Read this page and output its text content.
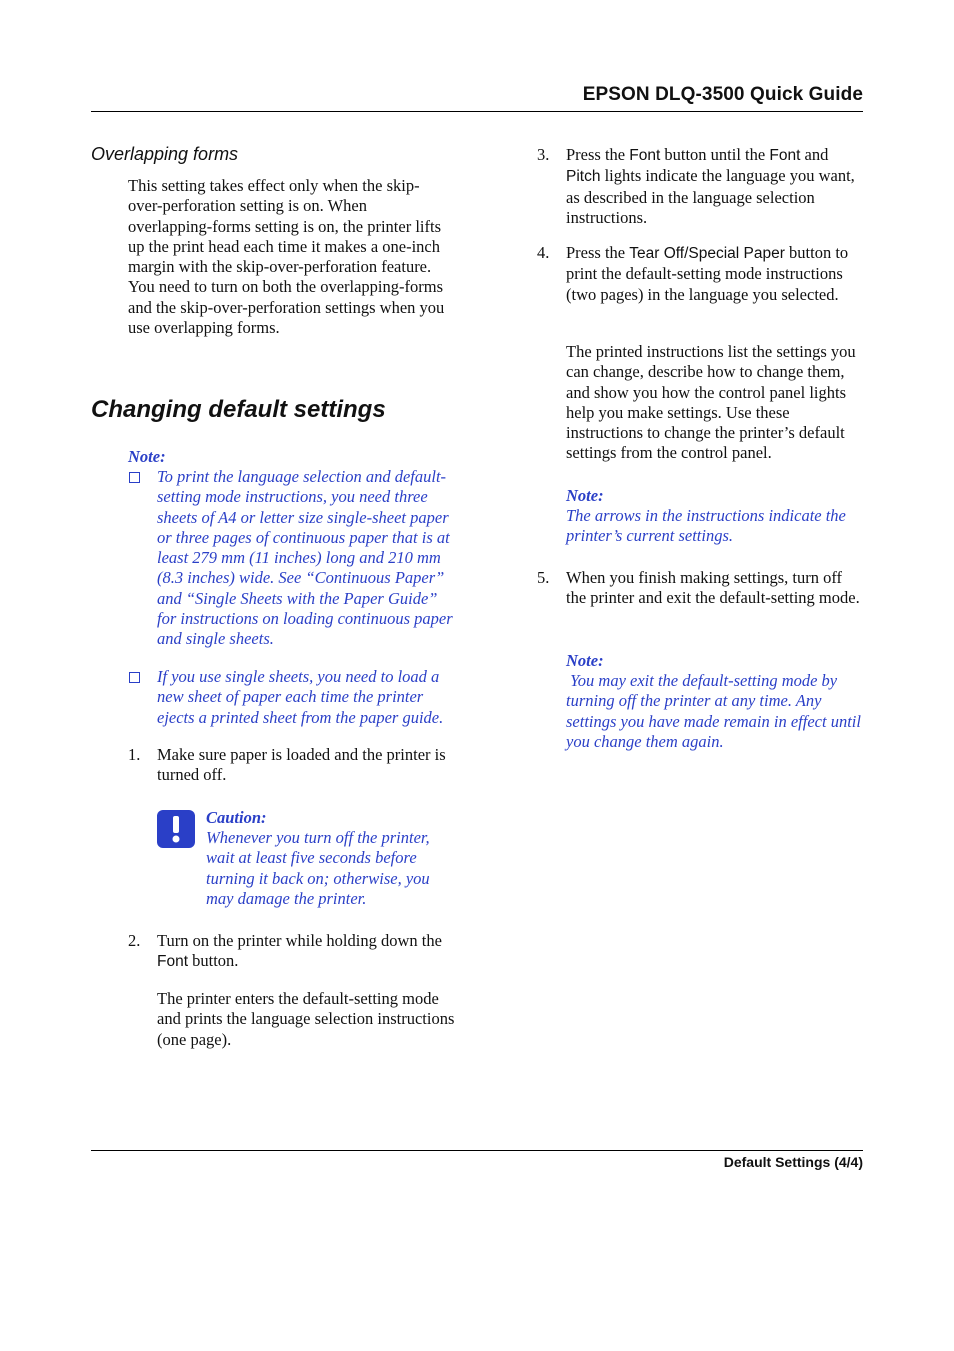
EPSON DLQ-3500 Quick Guide
Overlapping forms
This setting takes effect only when the skip-over-perforation setting is on. When overlapping-forms setting is on, the printer lifts up the print head each time it makes a one-inch margin with the skip-over-perforation feature. You need to turn on both the overlapping-forms and the skip-over-perforation settings when you use overlapping forms.
Changing default settings
Note:
To print the language selection and default-setting mode instructions, you need three sheets of A4 or letter size single-sheet paper or three pages of continuous paper that is at least 279 mm (11 inches) long and 210 mm (8.3 inches) wide. See “Continuous Paper” and “Single Sheets with the Paper Guide” for instructions on loading continuous paper and single sheets.
If you use single sheets, you need to load a new sheet of paper each time the printer ejects a printed sheet from the paper guide.
1. Make sure paper is loaded and the printer is turned off.
Caution:
Whenever you turn off the printer, wait at least five seconds before turning it back on; otherwise, you may damage the printer.
2. Turn on the printer while holding down the Font button.
The printer enters the default-setting mode and prints the language selection instructions (one page).
3. Press the Font button until the Font and Pitch lights indicate the language you want, as described in the language selection instructions.
4. Press the Tear Off/Special Paper button to print the default-setting mode instructions (two pages) in the language you selected.
The printed instructions list the settings you can change, describe how to change them, and show you how the control panel lights help you make settings. Use these instructions to change the printer’s default settings from the control panel.
Note:
The arrows in the instructions indicate the printer’s current settings.
5. When you finish making settings, turn off the printer and exit the default-setting mode.
Note:
You may exit the default-setting mode by turning off the printer at any time. Any settings you have made remain in effect until you change them again.
Default Settings (4/4)
